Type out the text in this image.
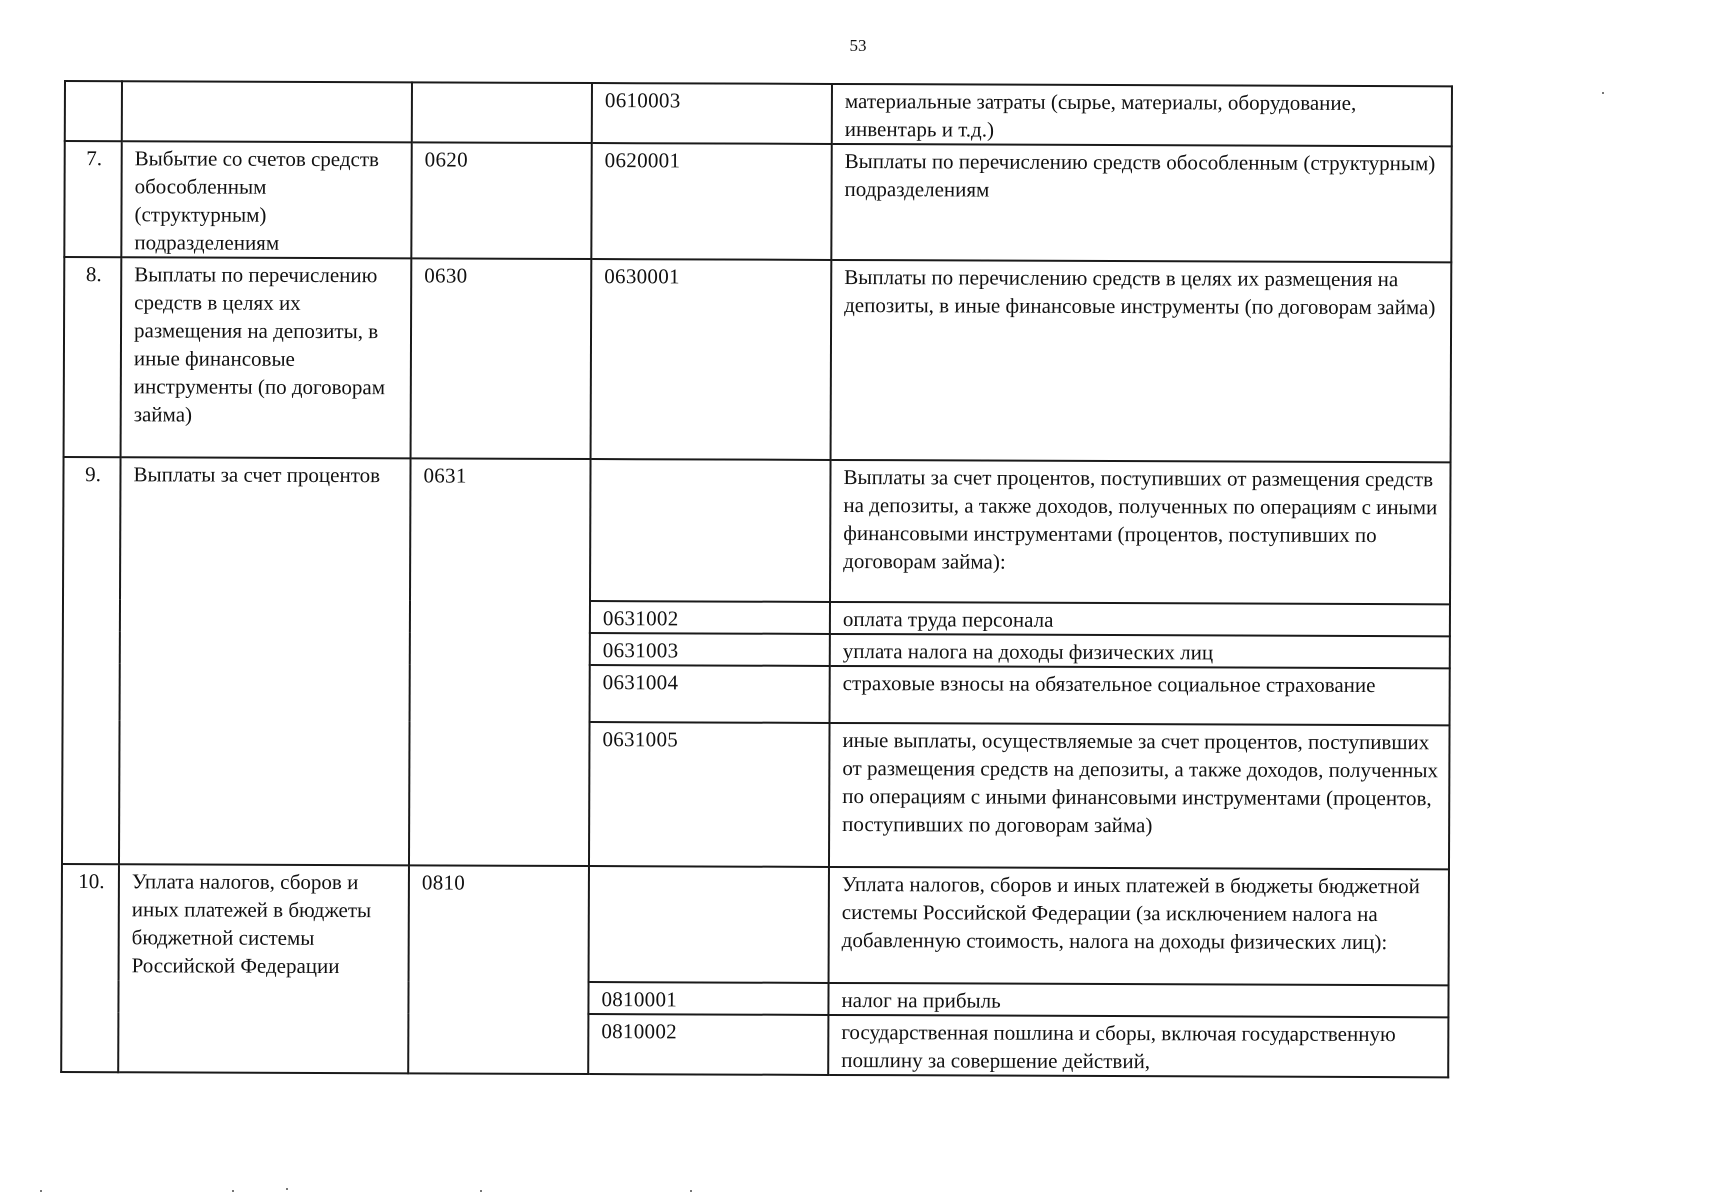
53
			0610003	материальные затраты (сырье, материалы, оборудование, инвентарь и т.д.)
7.	Выбытие со счетов средств обособленным (структурным) подразделениям	0620	0620001	Выплаты по перечислению средств обособленным (структурным) подразделениям
8.	Выплаты по перечислению средств в целях их размещения на депозиты, в иные финансовые инструменты (по договорам займа)	0630	0630001	Выплаты по перечислению средств в целях их размещения на депозиты, в иные финансовые инструменты (по договорам займа)
9.	Выплаты за счет процентов	0631		Выплаты за счет процентов, поступивших от размещения средств на депозиты, а также доходов, полученных по операциям с иными финансовыми инструментами (процентов, поступивших по договорам займа):
			0631002	оплата труда персонала
			0631003	уплата налога на доходы физических лиц
			0631004	страховые взносы на обязательное социальное страхование
			0631005	иные выплаты, осуществляемые за счет процентов, поступивших от размещения средств на депозиты, а также доходов, полученных по операциям с иными финансовыми инструментами (процентов, поступивших по договорам займа)
10.	Уплата налогов, сборов и иных платежей в бюджеты бюджетной системы Российской Федерации	0810		Уплата налогов, сборов и иных платежей в бюджеты бюджетной системы Российской Федерации (за исключением налога на добавленную стоимость, налога на доходы физических лиц):
			0810001	налог на прибыль
			0810002	государственная пошлина и сборы, включая государственную пошлину за совершение действий,
